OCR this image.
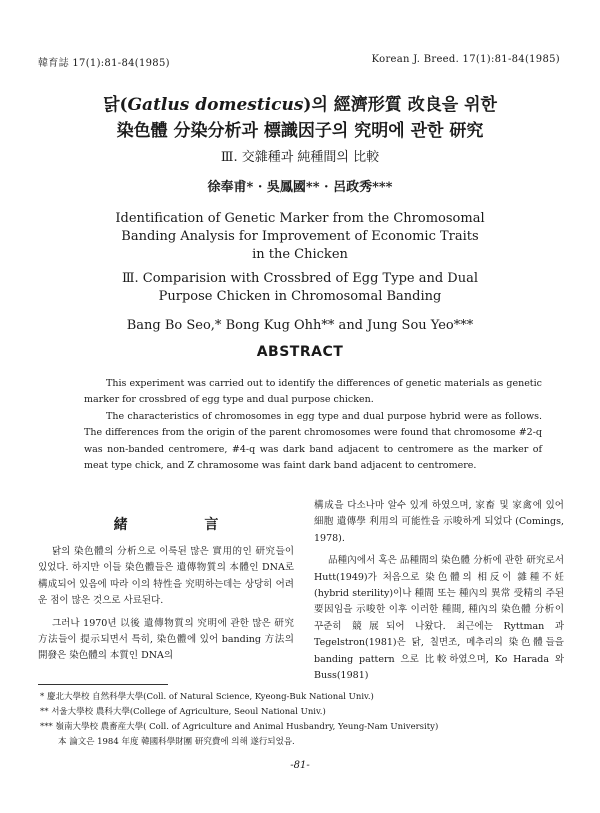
韓育誌 17(1):81-84(1985)	Korean J. Breed. 17(1):81-84(1985)
닭(Gatlus domesticus)의 經濟形質 改良을 위한
染色體 分染分析과 標識因子의 究明에 관한 研究
Ⅲ. 交雜種과 純種間의 比較
徐奉甫* · 吳鳳國** · 呂政秀***
Identification of Genetic Marker from the Chromosomal
Banding Analysis for Improvement of Economic Traits
in the Chicken
Ⅲ. Comparision with Crossbred of Egg Type and Dual
Purpose Chicken in Chromosomal Banding
Bang Bo Seo,* Bong Kug Ohh** and Jung Sou Yeo***
ABSTRACT

This experiment was carried out to identify the differences of genetic materials as genetic marker for crossbred of egg type and dual purpose chicken.

The characteristics of chromosomes in egg type and dual purpose hybrid were as follows. The differences from the origin of the parent chromosomes were found that chromosome #2-q was non-banded centromere, #4-q was dark band adjacent to centromere as the marker of meat type chick, and Z chramosome was faint dark band adjacent to centromere.

緒 言

닭의 染色體의 分析으로 이룩된 많은 實用的인 研究들이 있었다. 하지만 이들 染色體들은 遺傳物質의 本體인 DNA로 構成되어 있음에 따라 이의 特性을 究明하는데는 상당히 어려운 점이 많은 것으로 사료된다.

그러나 1970년 以後 遺傳物質의 究明에 관한 많은 研究 方法들이 提示되면서 특히, 染色體에 있어 banding 方法의 開發은 染色體의 本質인 DNA의

構成을 다소나마 알수 있게 하였으며, 家畜 및 家禽에 있어 細胞 遺傳學 利用의 可能性을 示唆하게 되었다 (Comings, 1978).

品種內에서 혹은 品種間의 染色體 分析에 관한 研究로서 Hutt(1949)가 처음으로 染色體의 相反이 雜種不妊(hybrid sterility)이나 種間 또는 種內의 異常 受精의 주된 要因임을 示唆한 이후 이러한 種間, 種內의 染色體 分析이 꾸준히 競展되어 나왔다. 최근에는 Ryttman 과 Tegelstron(1981)은 닭, 칠면조, 메추리의 染色體들을 banding pattern 으로 比較하였으며, Ko Harada 와 Buss(1981)

* 慶北大學校 自然科學大學(Coll. of Natural Science, Kyeong-Buk National Univ.)
** 서울大學校 農科大學(College of Agriculture, Seoul National Univ.)
*** 嶺南大學校 農畜産大學( Coll. of Agriculture and Animal Husbandry, Yeung-Nam University)
本 論文은 1984 年度 韓國科學財團 研究費에 의해 遂行되었음.
-81-
